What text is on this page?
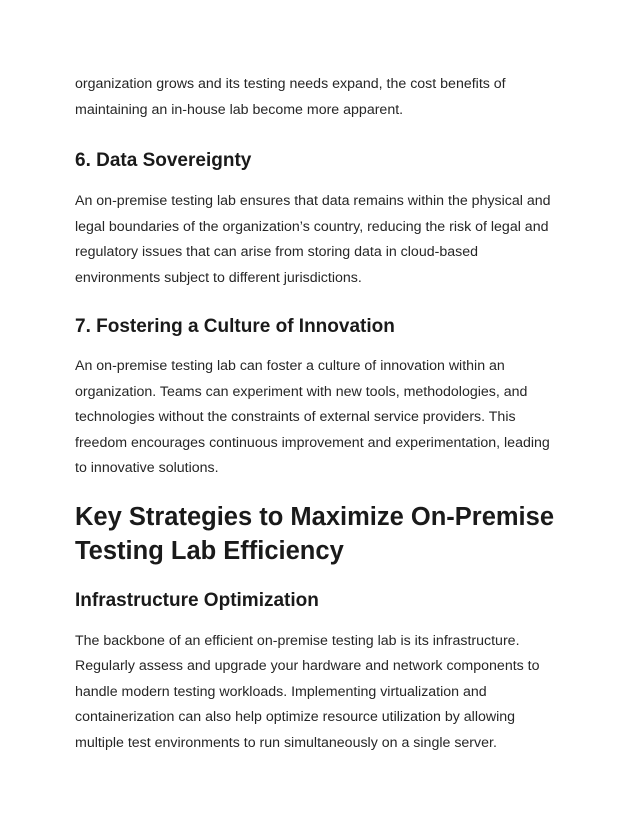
organization grows and its testing needs expand, the cost benefits of maintaining an in-house lab become more apparent.

6. Data Sovereignty

An on-premise testing lab ensures that data remains within the physical and legal boundaries of the organization’s country, reducing the risk of legal and regulatory issues that can arise from storing data in cloud-based environments subject to different jurisdictions.

7. Fostering a Culture of Innovation

An on-premise testing lab can foster a culture of innovation within an organization. Teams can experiment with new tools, methodologies, and technologies without the constraints of external service providers. This freedom encourages continuous improvement and experimentation, leading to innovative solutions.

Key Strategies to Maximize On-Premise Testing Lab Efficiency
Infrastructure Optimization

The backbone of an efficient on-premise testing lab is its infrastructure. Regularly assess and upgrade your hardware and network components to handle modern testing workloads. Implementing virtualization and containerization can also help optimize resource utilization by allowing multiple test environments to run simultaneously on a single server.
